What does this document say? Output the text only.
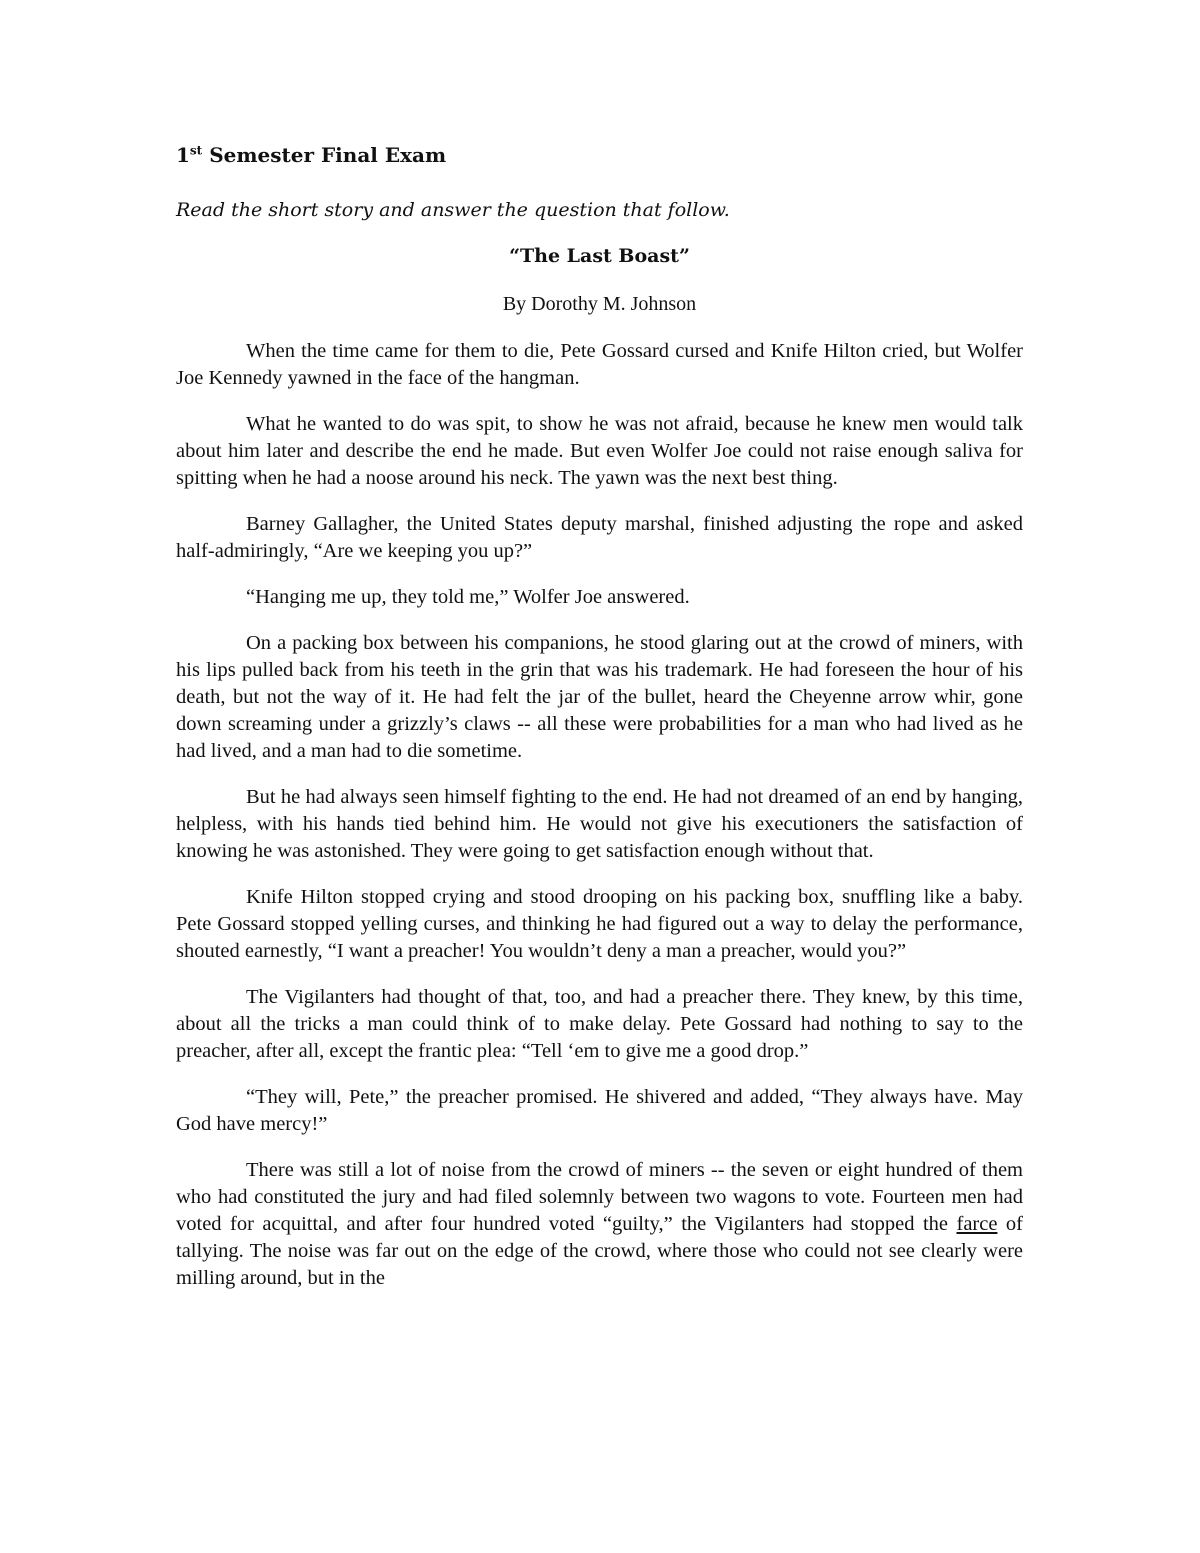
1st Semester Final Exam
Read the short story and answer the question that follow.
“The Last Boast”
By Dorothy M. Johnson

When the time came for them to die, Pete Gossard cursed and Knife Hilton cried, but Wolfer Joe Kennedy yawned in the face of the hangman.

What he wanted to do was spit, to show he was not afraid, because he knew men would talk about him later and describe the end he made. But even Wolfer Joe could not raise enough saliva for spitting when he had a noose around his neck. The yawn was the next best thing.

Barney Gallagher, the United States deputy marshal, finished adjusting the rope and asked half-admiringly, “Are we keeping you up?”

“Hanging me up, they told me,” Wolfer Joe answered.

On a packing box between his companions, he stood glaring out at the crowd of miners, with his lips pulled back from his teeth in the grin that was his trademark. He had foreseen the hour of his death, but not the way of it. He had felt the jar of the bullet, heard the Cheyenne arrow whir, gone down screaming under a grizzly’s claws -- all these were probabilities for a man who had lived as he had lived, and a man had to die sometime.

But he had always seen himself fighting to the end. He had not dreamed of an end by hanging, helpless, with his hands tied behind him. He would not give his executioners the satisfaction of knowing he was astonished. They were going to get satisfaction enough without that.

Knife Hilton stopped crying and stood drooping on his packing box, snuffling like a baby. Pete Gossard stopped yelling curses, and thinking he had figured out a way to delay the performance, shouted earnestly, “I want a preacher! You wouldn’t deny a man a preacher, would you?”

The Vigilanters had thought of that, too, and had a preacher there. They knew, by this time, about all the tricks a man could think of to make delay. Pete Gossard had nothing to say to the preacher, after all, except the frantic plea: “Tell ‘em to give me a good drop.”

“They will, Pete,” the preacher promised. He shivered and added, “They always have. May God have mercy!”

There was still a lot of noise from the crowd of miners -- the seven or eight hundred of them who had constituted the jury and had filed solemnly between two wagons to vote. Fourteen men had voted for acquittal, and after four hundred voted “guilty,” the Vigilanters had stopped the farce of tallying. The noise was far out on the edge of the crowd, where those who could not see clearly were milling around, but in the
